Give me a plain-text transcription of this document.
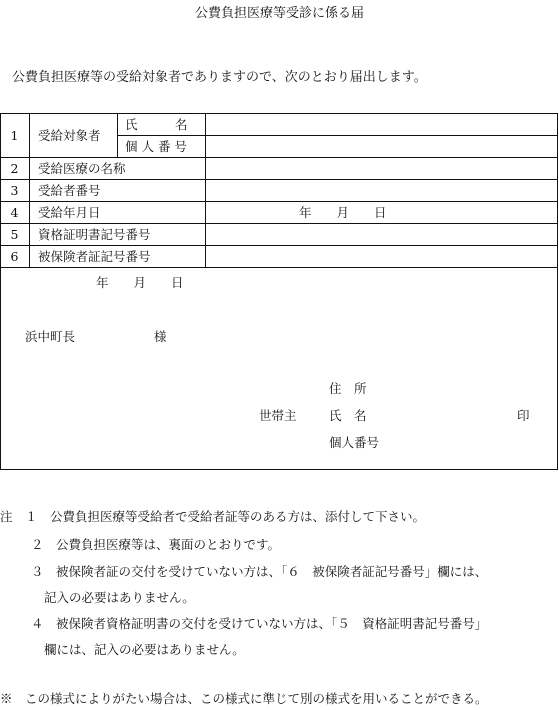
公費負担医療等受診に係る届
公費負担医療等の受給対象者でありますので、次のとおり届出します。
1	受給対象者
氏　　　名
個 人 番 号
2	受給医療の名称
3	受給者番号
4	受給年月日	年　　月　　日
5	資格証明書記号番号
6	被保険者証記号番号
年　　月　　日
浜中町長	様
住　所
世帯主	氏　名	印
個人番号
注　１　公費負担医療等受給者で受給者証等のある方は、添付して下さい。
２　公費負担医療等は、裏面のとおりです。
３　被保険者証の交付を受けていない方は、「６　被保険者証記号番号」欄には、
記入の必要はありません。
４　被保険者資格証明書の交付を受けていない方は、「５　資格証明書記号番号」
欄には、記入の必要はありません。
※　この様式によりがたい場合は、この様式に準じて別の様式を用いることができる。
